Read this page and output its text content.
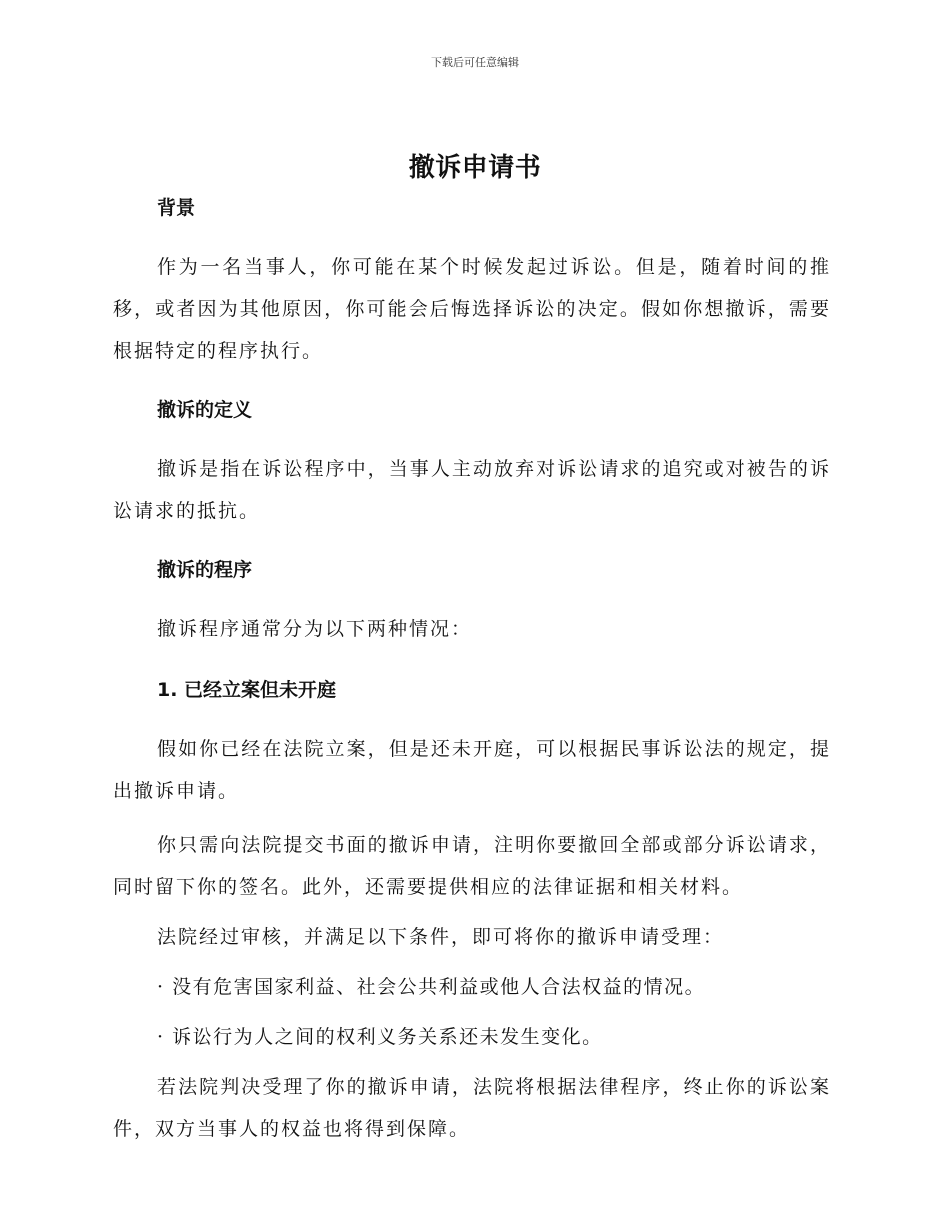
下载后可任意编辑
撤诉申请书

背景

作为一名当事人，你可能在某个时候发起过诉讼。但是，随着时间的推移，或者因为其他原因，你可能会后悔选择诉讼的决定。假如你想撤诉，需要根据特定的程序执行。

撤诉的定义

撤诉是指在诉讼程序中，当事人主动放弃对诉讼请求的追究或对被告的诉讼请求的抵抗。

撤诉的程序

撤诉程序通常分为以下两种情况：

1. 已经立案但未开庭

假如你已经在法院立案，但是还未开庭，可以根据民事诉讼法的规定，提出撤诉申请。

你只需向法院提交书面的撤诉申请，注明你要撤回全部或部分诉讼请求，同时留下你的签名。此外，还需要提供相应的法律证据和相关材料。

法院经过审核，并满足以下条件，即可将你的撤诉申请受理：

· 没有危害国家利益、社会公共利益或他人合法权益的情况。

· 诉讼行为人之间的权利义务关系还未发生变化。

若法院判决受理了你的撤诉申请，法院将根据法律程序，终止你的诉讼案件，双方当事人的权益也将得到保障。
